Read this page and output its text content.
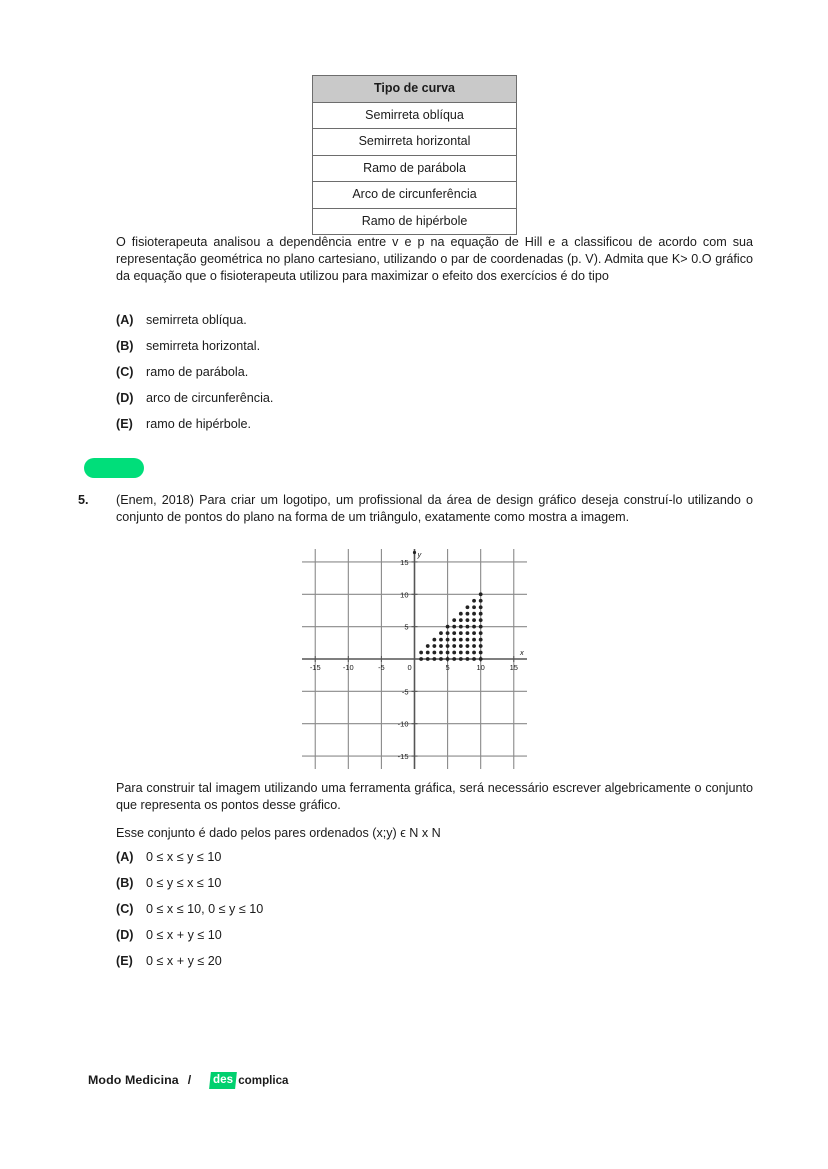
Tipo de curva
Semirreta oblíqua
Semirreta horizontal
Ramo de parábola
Arco de circunferência
Ramo de hipérbole

O fisioterapeuta analisou a dependência entre v e p na equação de Hill e a classificou de acordo com sua representação geométrica no plano cartesiano, utilizando o par de coordenadas (p. V). Admita que K> 0.O gráfico da equação que o fisioterapeuta utilizou para maximizar o efeito dos exercícios é do tipo

(A) semirreta oblíqua.
(B) semirreta horizontal.
(C) ramo de parábola.
(D) arco de circunferência.
(E)	ramo de hipérbole.
5.	(Enem, 2018) Para criar um logotipo, um profissional da área de design gráfico deseja construí-lo utilizando o conjunto de pontos do plano na forma de um triângulo, exatamente como mostra a imagem.

-15	-10	-5	0	5	10	15
15
10
5
-5
-10
-15
x
y

Para construir tal imagem utilizando uma ferramenta gráfica, será necessário escrever algebricamente o conjunto que representa os pontos desse gráfico.

Esse conjunto é dado pelos pares ordenados (x;y) ϵ N x N

(A) 0 ≤ x ≤ y ≤ 10
(B) 0 ≤ y ≤ x ≤ 10
(C) 0 ≤ x ≤ 10, 0 ≤ y ≤ 10
(D) 0 ≤ x + y ≤ 10
(E)	0 ≤ x + y ≤ 20
Modo Medicina /	des complica
